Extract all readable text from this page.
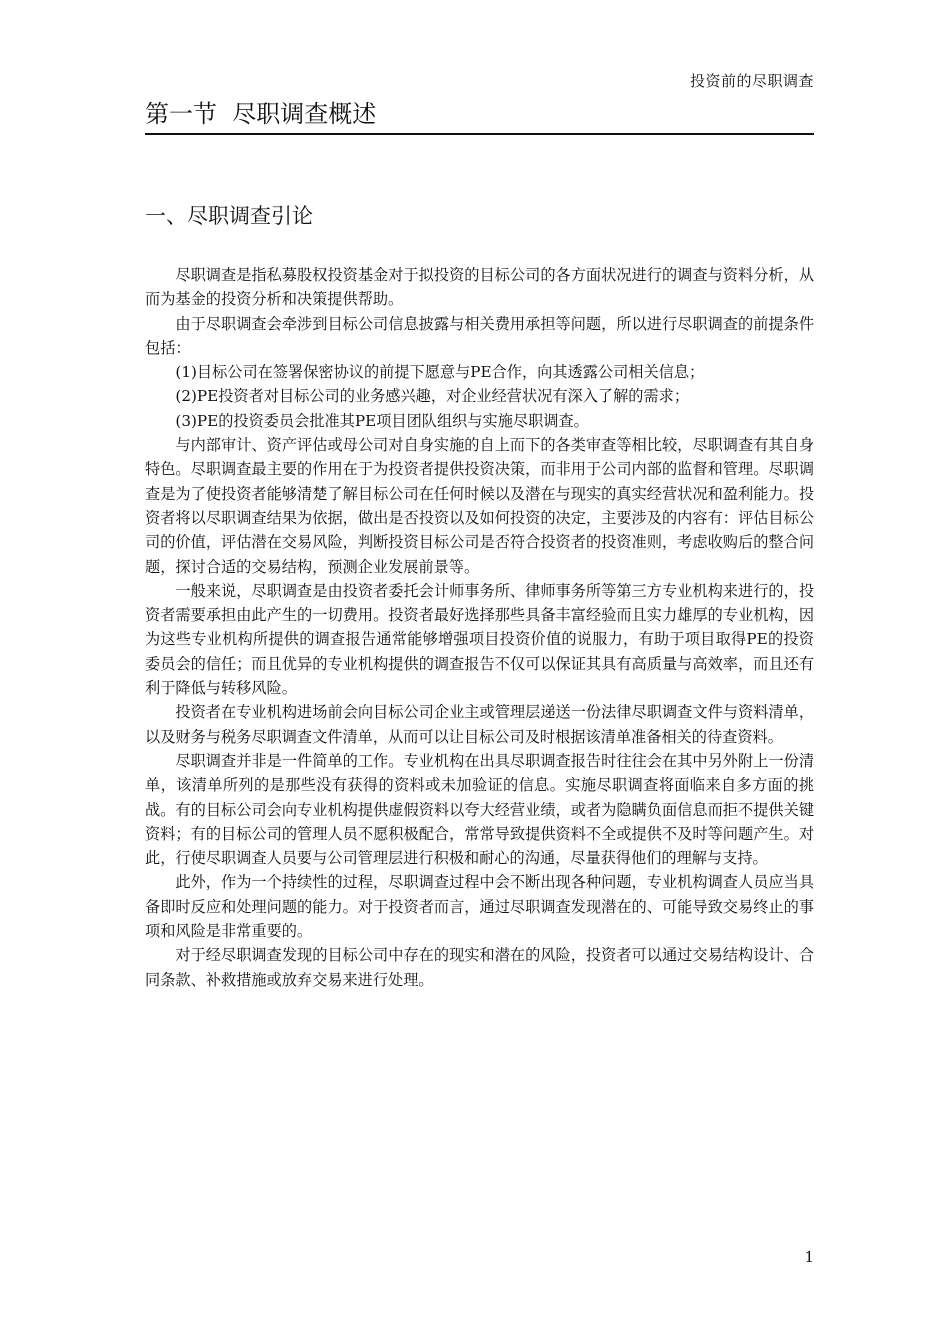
投资前的尽职调查
第一节  尽职调查概述
一、尽职调查引论

尽职调查是指私募股权投资基金对于拟投资的目标公司的各方面状况进行的调查与资料分析，从而为基金的投资分析和决策提供帮助。

由于尽职调查会牵涉到目标公司信息披露与相关费用承担等问题，所以进行尽职调查的前提条件包括：

(1)目标公司在签署保密协议的前提下愿意与PE合作，向其透露公司相关信息；

(2)PE投资者对目标公司的业务感兴趣，对企业经营状况有深入了解的需求；

(3)PE的投资委员会批准其PE项目团队组织与实施尽职调查。

与内部审计、资产评估或母公司对自身实施的自上而下的各类审查等相比较，尽职调查有其自身特色。尽职调查最主要的作用在于为投资者提供投资决策，而非用于公司内部的监督和管理。尽职调查是为了使投资者能够清楚了解目标公司在任何时候以及潜在与现实的真实经营状况和盈利能力。投资者将以尽职调查结果为依据，做出是否投资以及如何投资的决定，主要涉及的内容有：评估目标公司的价值，评估潜在交易风险，判断投资目标公司是否符合投资者的投资准则，考虑收购后的整合问题，探讨合适的交易结构，预测企业发展前景等。

一般来说，尽职调查是由投资者委托会计师事务所、律师事务所等第三方专业机构来进行的，投资者需要承担由此产生的一切费用。投资者最好选择那些具备丰富经验而且实力雄厚的专业机构，因为这些专业机构所提供的调查报告通常能够增强项目投资价值的说服力，有助于项目取得PE的投资委员会的信任；而且优异的专业机构提供的调查报告不仅可以保证其具有高质量与高效率，而且还有利于降低与转移风险。

投资者在专业机构进场前会向目标公司企业主或管理层递送一份法律尽职调查文件与资料清单，以及财务与税务尽职调查文件清单，从而可以让目标公司及时根据该清单准备相关的待查资料。

尽职调查并非是一件简单的工作。专业机构在出具尽职调查报告时往往会在其中另外附上一份清单，该清单所列的是那些没有获得的资料或未加验证的信息。实施尽职调查将面临来自多方面的挑战。有的目标公司会向专业机构提供虚假资料以夸大经营业绩，或者为隐瞒负面信息而拒不提供关键资料；有的目标公司的管理人员不愿积极配合，常常导致提供资料不全或提供不及时等问题产生。对此，行使尽职调查人员要与公司管理层进行积极和耐心的沟通，尽量获得他们的理解与支持。

此外，作为一个持续性的过程，尽职调查过程中会不断出现各种问题，专业机构调查人员应当具备即时反应和处理问题的能力。对于投资者而言，通过尽职调查发现潜在的、可能导致交易终止的事项和风险是非常重要的。

对于经尽职调查发现的目标公司中存在的现实和潜在的风险，投资者可以通过交易结构设计、合同条款、补救措施或放弃交易来进行处理。

1
